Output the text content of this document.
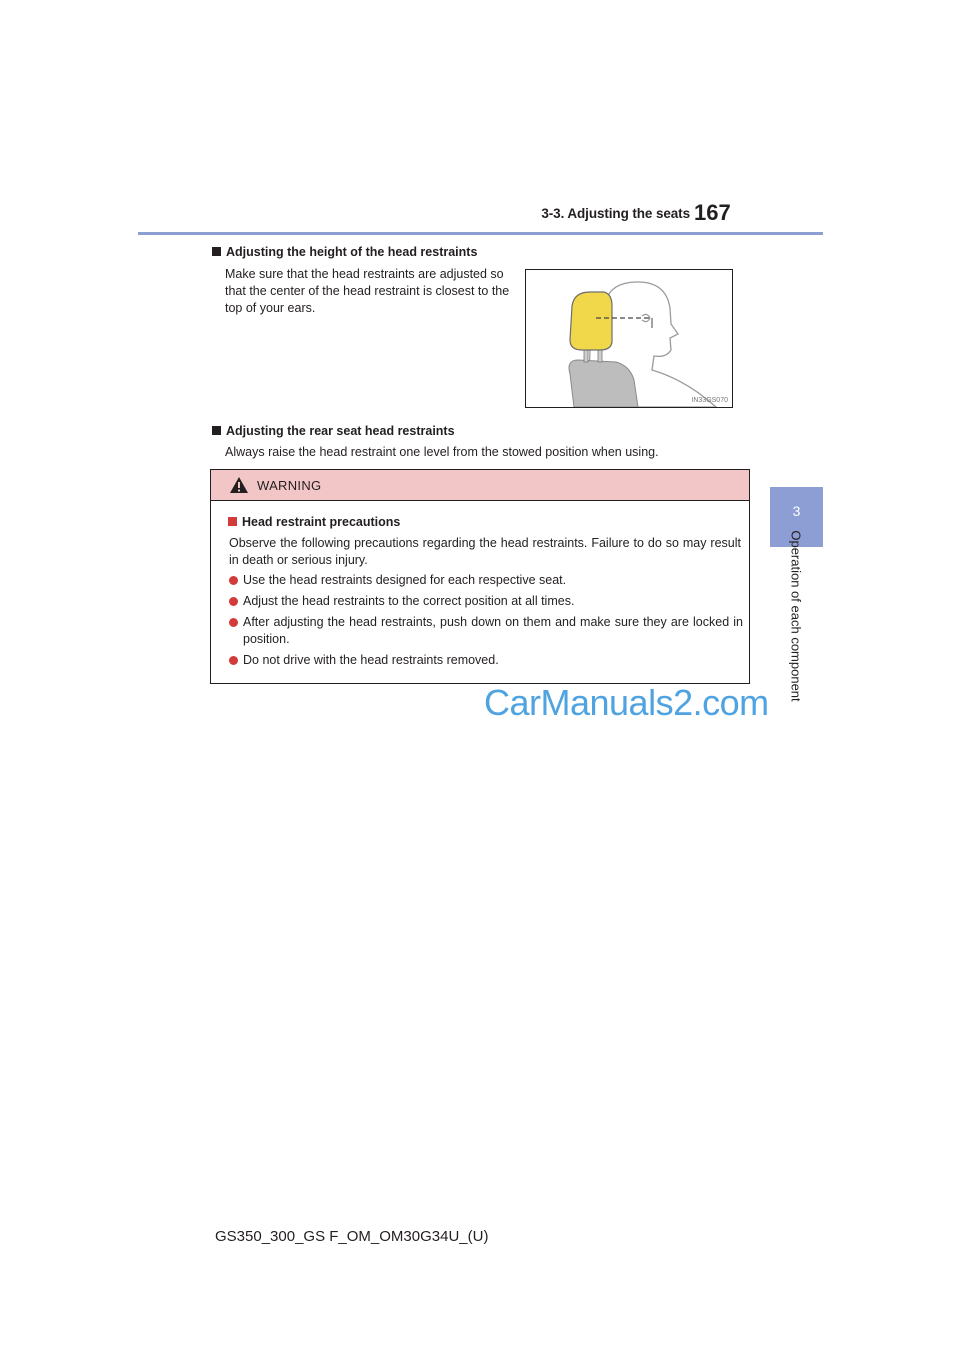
3-3. Adjusting the seats 167
3
Operation of each component
Adjusting the height of the head restraints
Make sure that the head restraints are adjusted so that the center of the head restraint is closest to the top of your ears.
IN33GS070
Adjusting the rear seat head restraints
Always raise the head restraint one level from the stowed position when using.
WARNING
Head restraint precautions
Observe the following precautions regarding the head restraints. Failure to do so may result in death or serious injury.
Use the head restraints designed for each respective seat.
Adjust the head restraints to the correct position at all times.
After adjusting the head restraints, push down on them and make sure they are locked in position.
Do not drive with the head restraints removed.
CarManuals2.com
GS350_300_GS F_OM_OM30G34U_(U)
